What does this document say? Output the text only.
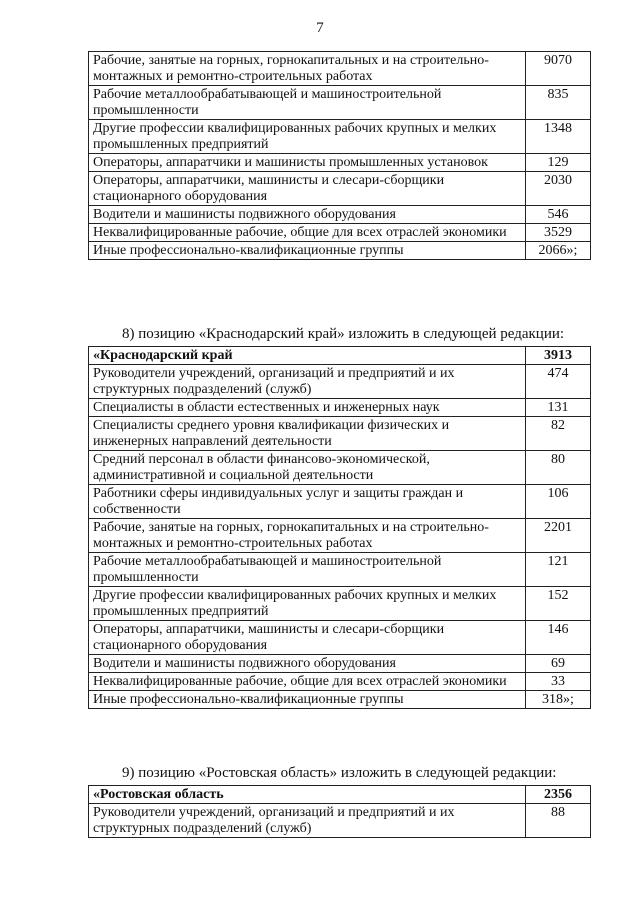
7
Рабочие, занятые на горных, горнокапитальных и на строительно-монтажных и ремонтно-строительных работах	9070
Рабочие металлообрабатывающей и машиностроительной промышленности	835
Другие профессии квалифицированных рабочих крупных и мелких промышленных предприятий	1348
Операторы, аппаратчики и машинисты промышленных установок	129
Операторы, аппаратчики, машинисты и слесари-сборщики стационарного оборудования	2030
Водители и машинисты подвижного оборудования	546
Неквалифицированные рабочие, общие для всех отраслей экономики	3529
Иные профессионально-квалификационные группы	2066»;
8) позицию «Краснодарский край» изложить в следующей редакции:
«Краснодарский край	3913
Руководители учреждений, организаций и предприятий и их структурных подразделений (служб)	474
Специалисты в области естественных и инженерных наук	131
Специалисты среднего уровня квалификации физических и инженерных направлений деятельности	82
Средний персонал в области финансово-экономической, административной и социальной деятельности	80
Работники сферы индивидуальных услуг и защиты граждан и собственности	106
Рабочие, занятые на горных, горнокапитальных и на строительно-монтажных и ремонтно-строительных работах	2201
Рабочие металлообрабатывающей и машиностроительной промышленности	121
Другие профессии квалифицированных рабочих крупных и мелких промышленных предприятий	152
Операторы, аппаратчики, машинисты и слесари-сборщики стационарного оборудования	146
Водители и машинисты подвижного оборудования	69
Неквалифицированные рабочие, общие для всех отраслей экономики	33
Иные профессионально-квалификационные группы	318»;
9) позицию «Ростовская область» изложить в следующей редакции:
«Ростовская область	2356
Руководители учреждений, организаций и предприятий и их структурных подразделений (служб)	88
